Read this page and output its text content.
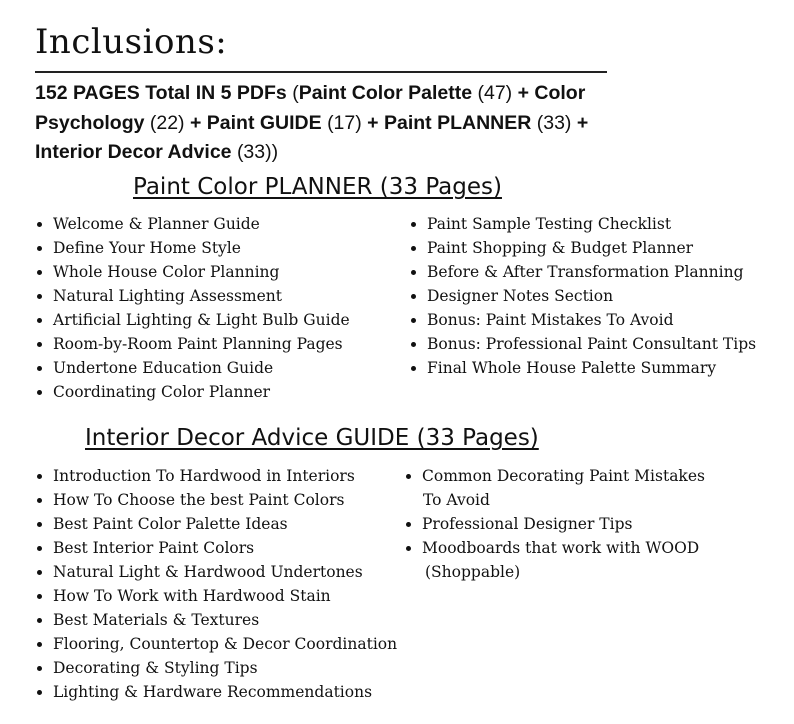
Inclusions:
152 PAGES Total IN 5 PDFs (Paint Color Palette (47) + Color Psychology (22) + Paint GUIDE (17) + Paint PLANNER (33) + Interior Decor Advice (33))
Paint Color PLANNER (33 Pages)
Welcome & Planner Guide
Define Your Home Style
Whole House Color Planning
Natural Lighting Assessment
Artificial Lighting & Light Bulb Guide
Room-by-Room Paint Planning Pages
Undertone Education Guide
Coordinating Color Planner
Paint Sample Testing Checklist
Paint Shopping & Budget Planner
Before & After Transformation Planning
Designer Notes Section
Bonus: Paint Mistakes To Avoid
Bonus: Professional Paint Consultant Tips
Final Whole House Palette Summary
Interior Decor Advice GUIDE (33 Pages)
Introduction To Hardwood in Interiors
How To Choose the best Paint Colors
Best Paint Color Palette Ideas
Best Interior Paint Colors
Natural Light & Hardwood Undertones
How To Work with Hardwood Stain
Best Materials & Textures
Flooring, Countertop & Decor Coordination
Decorating & Styling Tips
Lighting & Hardware Recommendations
Common Decorating Paint Mistakes
To Avoid
Professional Designer Tips
Moodboards that work with WOOD
(Shoppable)
